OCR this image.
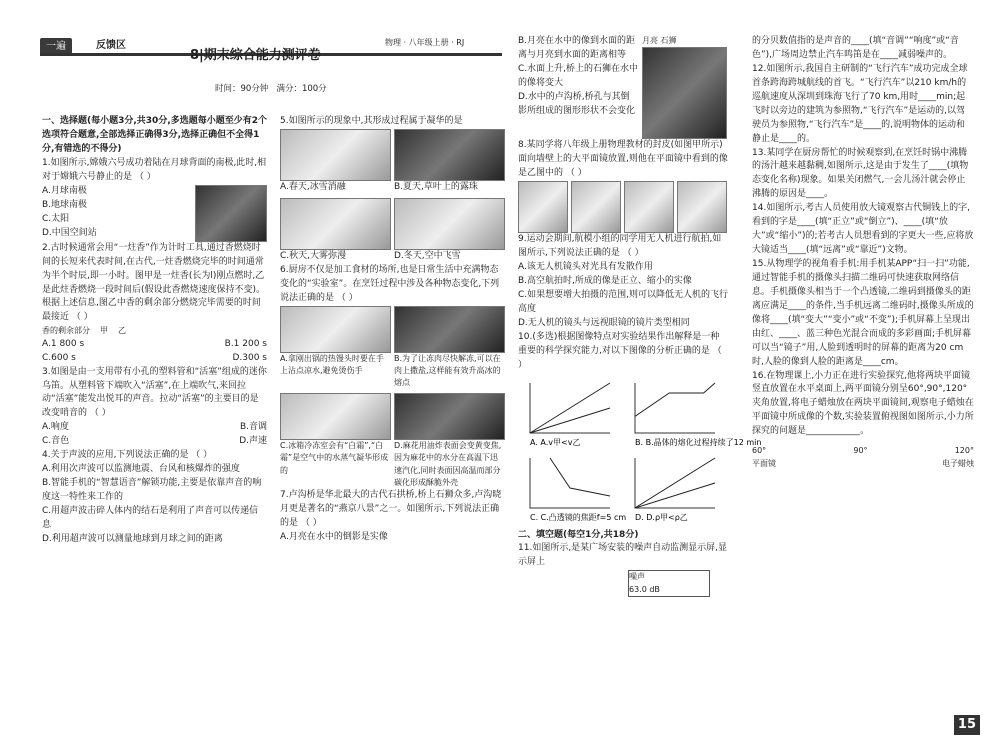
一遍	反馈区	物理 · 八年级上册 · RJ
8|期末综合能力测评卷
时间：90分钟 满分：100分

一、选择题(每小题3分,共30分,多选题每小题至少有2个选项符合题意,全部选择正确得3分,选择正确但不全得1分,有错选的不得分)

1.如图所示,嫦娥六号成功着陆在月球背面的南极,此时,相对于嫦娥六号静止的是 （ ）

A.月球南极

B.地球南极

C.太阳

D.中国空间站

2.古时候通常会用“一炷香”作为计时工具,通过香燃烧时间的长短来代表时间,在古代,一炷香燃烧完毕的时间通常为半个时辰,即一小时。图甲是一炷香(长为l)刚点燃时,乙是此炷香燃烧一段时间后(假设此香燃烧速度保持不变)。根据上述信息,图乙中香的剩余部分燃烧完毕需要的时间最接近 （ ）

香的剩余部分 甲 乙
A.1 800 s	B.1 200 s
C.600 s	D.300 s

3.如图是由一支用带有小孔的塑料管和“活塞”组成的迷你乌笛。从塑料管下端吹入“活塞”,在上端吹气,来回拉动“活塞”能发出悦耳的声音。拉动“活塞”的主要目的是改变哨音的 （ ）

A.响度	B.音调
C.音色	D.声速

4.关于声波的应用,下列说法正确的是 （ ）

A.利用次声波可以监测地震、台风和核爆炸的强度

B.智能手机的“智慧语音”解锁功能,主要是依靠声音的响度这一特性来工作的

C.用超声波击碎人体内的结石是利用了声音可以传递信息

D.利用超声波可以测量地球到月球之间的距离

5.如图所示的现象中,其形成过程属于凝华的是

A.春天,冰雪消融	B.夏天,草叶上的露珠

C.秋天,大雾弥漫	D.冬天,空中飞雪

6.厨房不仅是加工食材的场所,也是日常生活中充满物态变化的“实验室”。在烹饪过程中涉及各种物态变化,下列说法正确的是 （ ）

A.拿刚出锅的热馒头时要在手上沾点凉水,避免烫伤手

B.为了让冻肉尽快解冻,可以在肉上撒盐,这样能有效升高冰的熔点

C.冰箱冷冻室会有“白霜”,“白霜”是空气中的水蒸气凝华形成的

D.麻花用油炸表面会变黄变焦,因为麻花中的水分在高温下迅速汽化,同时表面因高温而部分碳化形成酥脆外壳

7.卢沟桥是华北最大的古代石拱桥,桥上石狮众多,卢沟晓月更是著名的“燕京八景”之一。如图所示,下列说法正确的是 （ ）

A.月亮在水中的倒影是实像

B.月亮在水中的像到水面的距离与月亮到水面的距离相等

C.水面上升,桥上的石狮在水中的像将变大

D.水中的卢沟桥,桥孔与其倒影所组成的图形形状不会变化

月亮 石狮

8.某同学将八年级上册物理教材的封皮(如图甲所示)面向墙壁上的大平面镜放置,则他在平面镜中看到的像是乙图中的 （ ）

9.运动会期间,航模小组的同学用无人机进行航拍,如图所示,下列说法正确的是 （ ）

A.该无人机镜头对光具有发散作用

B.高空航拍时,所成的像是正立、缩小的实像

C.如果想要增大拍摄的范围,则可以降低无人机的飞行高度

D.无人机的镜头与远视眼镜的镜片类型相同

10.(多选)根据图像特点对实验结果作出解释是一种重要的科学探究能力,对以下图像的分析正确的是 （ ）

A. A.v甲<v乙	B. B.晶体的熔化过程持续了12 min
C. C.凸透镜的焦距f=5 cm D. D.ρ甲<ρ乙

二、填空题(每空1分,共18分)

11.如图所示,是某广场安装的噪声自动监测显示屏,显示屏上

噪声
63.0 dB

的分贝数值指的是声音的____(填“音调”“响度”或“音色”),广场周边禁止汽车鸣笛是在____减弱噪声的。

12.如图所示,我国自主研制的“飞行汽车”成功完成全球首条跨海跨城航线的首飞。“飞行汽车”以210 km/h的巡航速度从深圳到珠海飞行了70 km,用时____min;起飞时以旁边的建筑为参照物,“飞行汽车”是运动的,以驾驶员为参照物,“飞行汽车”是____的,说明物体的运动和静止是____的。

13.某同学在厨房帮忙的时候观察到,在烹饪时锅中沸腾的汤汁越来越黏稠,如图所示,这是由于发生了____(填物态变化名称)现象。如果关闭燃气,一会儿汤汁就会停止沸腾的原因是____。

14.如图所示,考古人员使用放大镜观察古代铜钱上的字,看到的字是____(填“正立”或“倒立”)、____(填“放大”或“缩小”)的;若考古人员想看到的字更大一些,应将放大镜适当____(填“远离”或“靠近”)文物。

15.从物理学的视角看手机:用手机某APP“扫一扫”功能,通过智能手机的摄像头扫描二维码可快速获取网络信息。手机摄像头相当于一个凸透镜,二维码到摄像头的距离应满足____的条件,当手机远离二维码时,摄像头所成的像将____(填“变大”“变小”或“不变”);手机屏幕上呈现出由红、____、蓝三种色光混合而成的多彩画面;手机屏幕可以当“镜子”用,人脸到透明时的屏幕的距离为20 cm时,人脸的像到人脸的距离是____cm。

16.在物理课上,小力正在进行实验探究,他将两块平面镜竖直放置在水平桌面上,两平面镜分别呈60°,90°,120°夹角放置,将电子蜡烛放在两块平面镜间,观察电子蜡烛在平面镜中所成像的个数,实验装置俯视图如图所示,小力所探究的问题是____________。

60°	90°	120°
平面镜	电子蜡烛
15
